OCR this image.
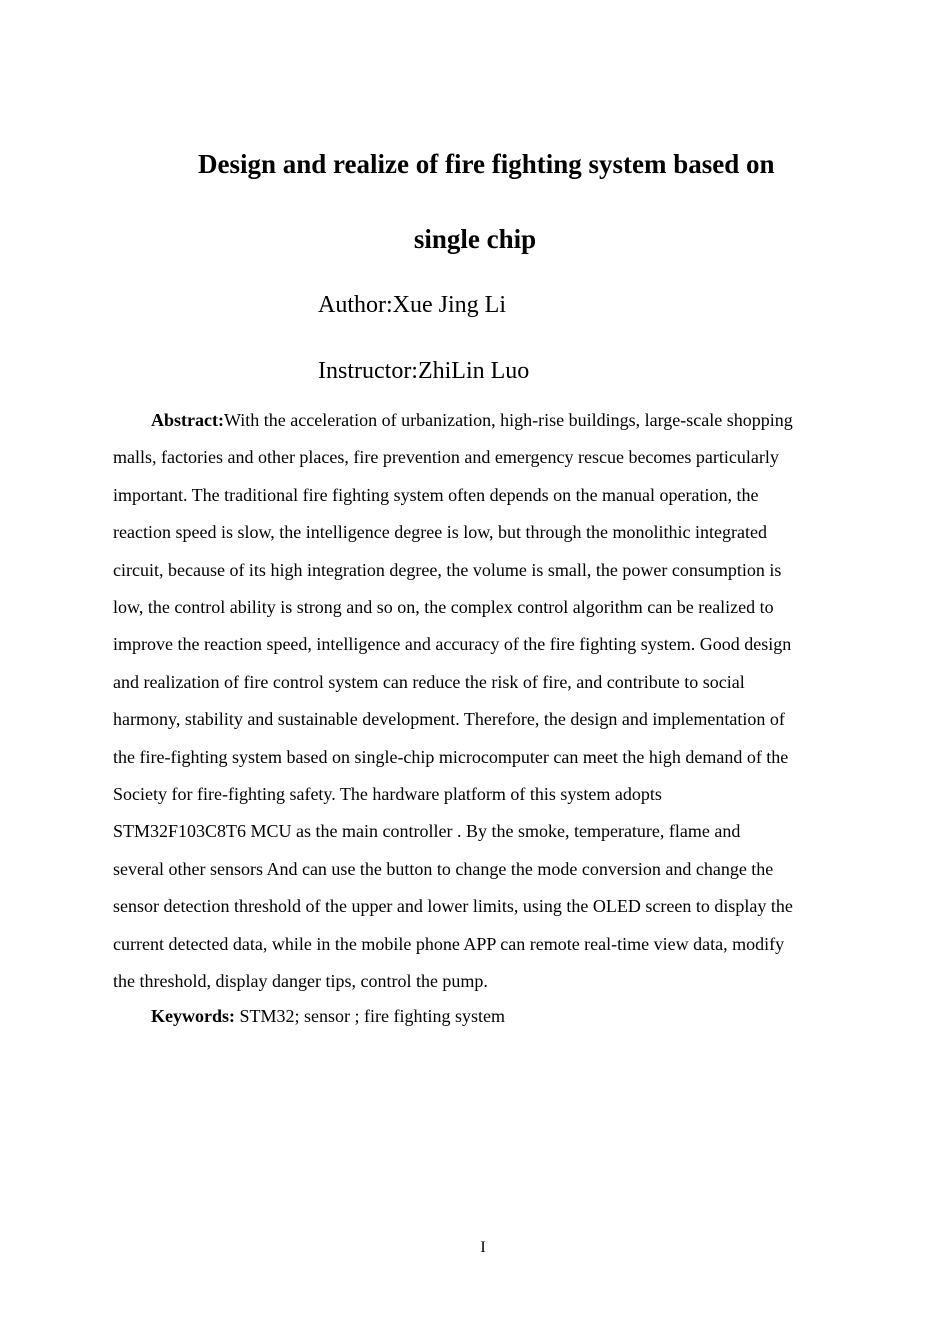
Design and realize of fire fighting system based on
single chip
Author:Xue Jing Li
Instructor:ZhiLin Luo
Abstract:With the acceleration of urbanization, high-rise buildings, large-scale shopping
malls, factories and other places, fire prevention and emergency rescue becomes particularly
important. The traditional fire fighting system often depends on the manual operation, the
reaction speed is slow, the intelligence degree is low, but through the monolithic integrated
circuit, because of its high integration degree, the volume is small, the power consumption is
low, the control ability is strong and so on, the complex control algorithm can be realized to
improve the reaction speed, intelligence and accuracy of the fire fighting system. Good design
and realization of fire control system can reduce the risk of fire, and contribute to social
harmony, stability and sustainable development. Therefore, the design and implementation of
the fire-fighting system based on single-chip microcomputer can meet the high demand of the
Society for fire-fighting safety. The hardware platform of this system adopts
STM32F103C8T6 MCU as the main controller . By the smoke, temperature, flame and
several other sensors And can use the button to change the mode conversion and change the
sensor detection threshold of the upper and lower limits, using the OLED screen to display the
current detected data, while in the mobile phone APP can remote real-time view data, modify
the threshold, display danger tips, control the pump.
Keywords: STM32; sensor ; fire fighting system
I
